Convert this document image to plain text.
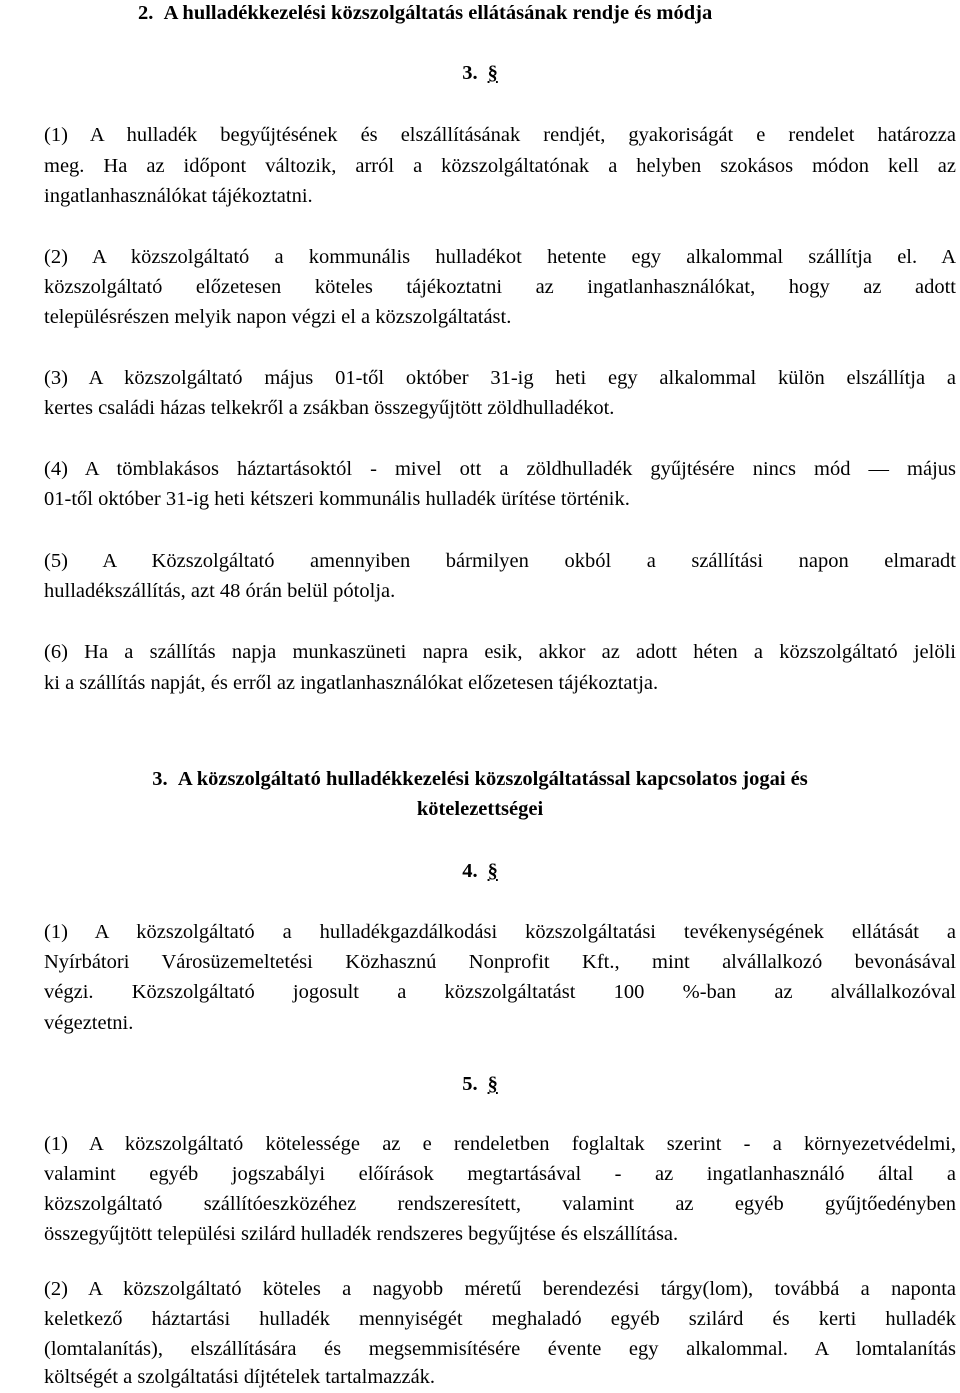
2.  A hulladékkezelési közszolgáltatás ellátásának rendje és módja

3. §

(1) A hulladék begyűjtésének és elszállításának rendjét, gyakoriságát e rendelet határozza

meg. Ha az időpont változik, arról a közszolgáltatónak a helyben szokásos módon kell az

ingatlanhasználókat tájékoztatni.

(2) A közszolgáltató a kommunális hulladékot hetente egy alkalommal szállítja el. A

közszolgáltató előzetesen köteles tájékoztatni az ingatlanhasználókat, hogy az adott

településrészen melyik napon végzi el a közszolgáltatást.

(3) A közszolgáltató május 01-től október 31-ig heti egy alkalommal külön elszállítja a

kertes családi házas telkekről a zsákban összegyűjtött zöldhulladékot.

(4) A tömblakásos háztartásoktól - mivel ott a zöldhulladék gyűjtésére nincs mód — május

01-től október 31-ig heti kétszeri kommunális hulladék ürítése történik.

(5) A Közszolgáltató amennyiben bármilyen okból a szállítási napon elmaradt

hulladékszállítás, azt 48 órán belül pótolja.

(6) Ha a szállítás napja munkaszüneti napra esik, akkor az adott héten a közszolgáltató jelöli

ki a szállítás napját, és erről az ingatlanhasználókat előzetesen tájékoztatja.

3. A közszolgáltató hulladékkezelési közszolgáltatással kapcsolatos jogai és

kötelezettségei

4. §

(1) A közszolgáltató a hulladékgazdálkodási közszolgáltatási tevékenységének ellátását a

Nyírbátori Városüzemeltetési Közhasznú Nonprofit Kft., mint alvállalkozó bevonásával

végzi. Közszolgáltató jogosult a közszolgáltatást 100 %-ban az alvállalkozóval

végeztetni.

5. §

(1) A közszolgáltató kötelessége az e rendeletben foglaltak szerint - a környezetvédelmi,

valamint egyéb jogszabályi előírások megtartásával - az ingatlanhasználó által a

közszolgáltató szállítóeszközéhez rendszeresített, valamint az egyéb gyűjtőedényben

összegyűjtött települési szilárd hulladék rendszeres begyűjtése és elszállítása.

(2) A közszolgáltató köteles a nagyobb méretű berendezési tárgy(lom), továbbá a naponta

keletkező háztartási hulladék mennyiségét meghaladó egyéb szilárd és kerti hulladék

(lomtalanítás), elszállítására és megsemmisítésére évente egy alkalommal. A lomtalanítás

költségét a szolgáltatási díjtételek tartalmazzák.
